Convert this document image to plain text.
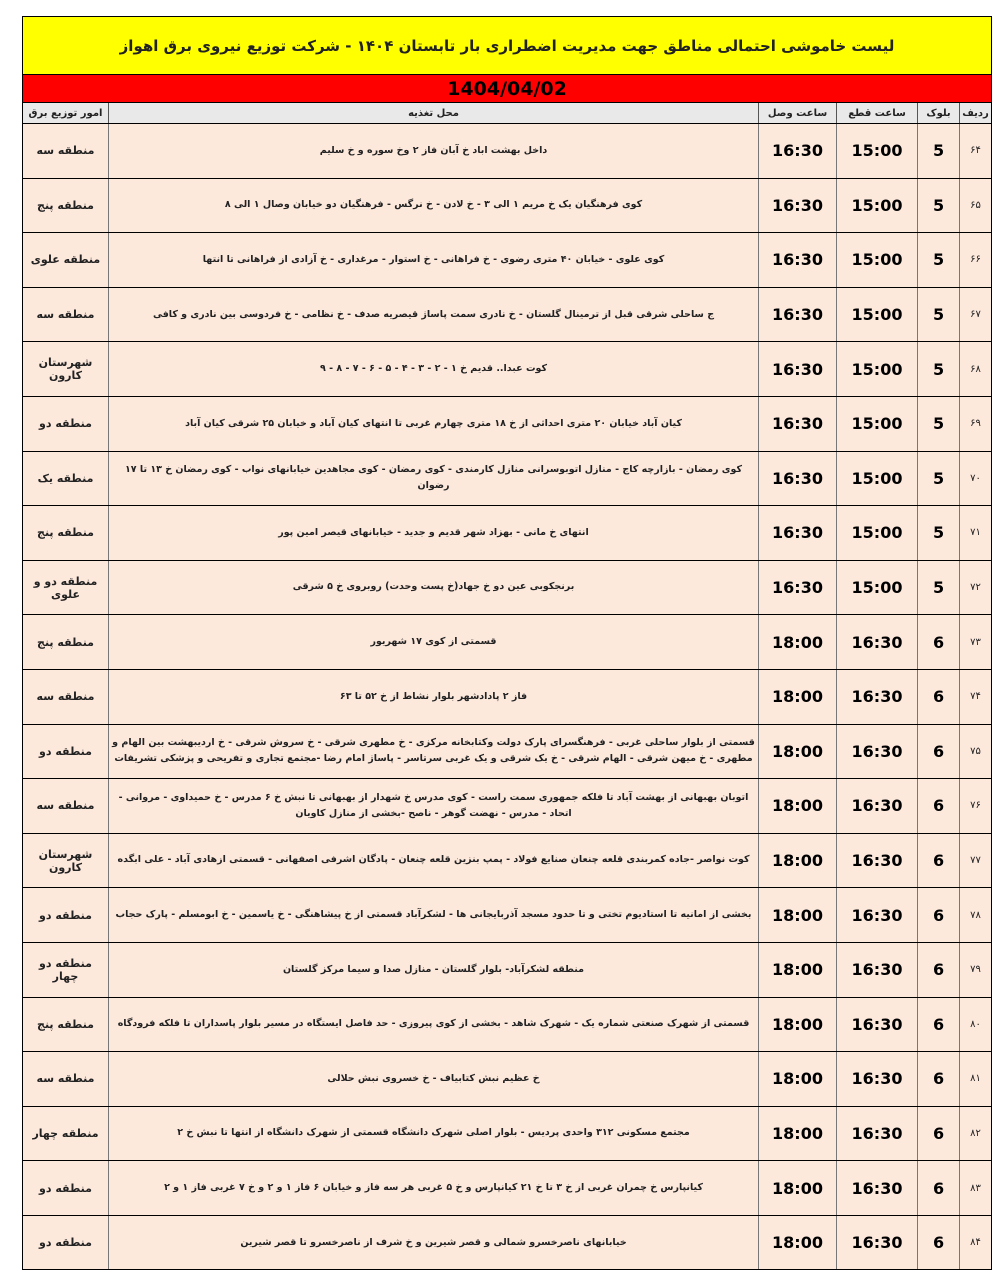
لیست خاموشی احتمالی مناطق جهت مدیریت اضطراری بار تابستان ۱۴۰۴ - شرکت توزیع نیروی برق اهواز
1404/04/02
ردیف
بلوک
ساعت قطع
ساعت وصل
محل تغذیه
امور توزیع برق
۶۴
5
15:00
16:30
داخل بهشت اباد خ آبان فاز ۲ وخ سوره و خ سلیم
منطقه سه
۶۵
5
15:00
16:30
کوی فرهنگیان یک خ مریم ۱ الی ۳ - خ لادن - خ نرگس - فرهنگیان دو خیابان وصال ۱ الی ۸
منطقه پنج
۶۶
5
15:00
16:30
کوی علوی - خیابان ۴۰ متری رضوی - خ فراهانی - خ استوار - مرغداری - خ آزادی از فراهانی تا انتها
منطقه علوی
۶۷
5
15:00
16:30
ج ساحلی شرقی قبل از ترمینال گلستان - خ نادری سمت پاساژ قیصریه صدف - خ نظامی - خ فردوسی بین نادری و کافی
منطقه سه
۶۸
5
15:00
16:30
کوت عبدا.. قدیم خ ۱ - ۲ - ۳ - ۴ - ۵ - ۶ - ۷ - ۸ - ۹
شهرستان کارون
۶۹
5
15:00
16:30
کیان آباد خیابان ۲۰ متری احداثی از خ ۱۸ متری چهارم غربی تا انتهای کیان آباد و خیابان ۲۵ شرقی کیان آباد
منطقه دو
۷۰
5
15:00
16:30
کوی رمضان - بازارچه کاج - منازل اتوبوسرانی منازل کارمندی - کوی رمضان - کوی مجاهدین خیابانهای نواب - کوی رمضان خ ۱۳ تا ۱۷ رضوان
منطقه یک
۷۱
5
15:00
16:30
انتهای خ مانی - بهزاد شهر قدیم و جدید - خیابانهای قیصر امین پور
منطقه پنج
۷۲
5
15:00
16:30
برنجکوبی عین دو خ جهاد(خ پست وحدت) روبروی خ ۵ شرقی
منطقه دو و علوی
۷۳
6
16:30
18:00
قسمتی از کوی ۱۷ شهریور
منطقه پنج
۷۴
6
16:30
18:00
فاز ۲ پادادشهر بلوار نشاط از خ ۵۲ تا ۶۳
منطقه سه
۷۵
6
16:30
18:00
قسمتی از بلوار ساحلی غربی - فرهنگسرای پارک دولت وکتابخانه مرکزی - خ مطهری شرقی - خ سروش شرقی - خ اردیبهشت بین الهام و مطهری - خ میهن شرقی - الهام شرقی - خ یک شرقی و یک غربی سرتاسر - پاساژ امام رضا -مجتمع تجاری و تفریحی و پزشکی تشریفات
منطقه دو
۷۶
6
16:30
18:00
اتوبان بهبهانی از بهشت آباد تا فلکه جمهوری سمت راست - کوی مدرس خ شهدار از بهبهانی تا نبش خ ۶ مدرس - خ حمیداوی - مروانی - اتحاد - مدرس - نهضت گوهر - ناصح -بخشی از منازل کاویان
منطقه سه
۷۷
6
16:30
18:00
کوت نواصر -جاده کمربندی قلعه چنعان صنایع فولاد - پمپ بنزین قلعه چنعان - پادگان اشرفی اصفهانی - قسمتی ازهادی آباد - علی ابگده
شهرستان کارون
۷۸
6
16:30
18:00
بخشی از امانیه تا استادیوم تختی و تا حدود مسجد آذربایجانی ها - لشکرآباد قسمتی از خ پیشاهنگی - خ یاسمین - خ ابومسلم - پارک حجاب
منطقه دو
۷۹
6
16:30
18:00
منطقه لشکرآباد- بلوار گلستان - منازل صدا و سیما مرکز گلستان
منطقه دو چهار
۸۰
6
16:30
18:00
قسمتی از شهرک صنعتی شماره یک - شهرک شاهد - بخشی از کوی پیروزی - حد فاصل ایستگاه در مسیر بلوار پاسداران تا فلکه فرودگاه
منطقه پنج
۸۱
6
16:30
18:00
خ عظیم نبش کتابیاف - خ خسروی نبش حلالی
منطقه سه
۸۲
6
16:30
18:00
مجتمع مسکونی ۳۱۲ واحدی پردیس - بلوار اصلی شهرک دانشگاه قسمتی از شهرک دانشگاه از انتها تا نبش خ ۲
منطقه چهار
۸۳
6
16:30
18:00
کیانپارس خ چمران غربی از خ ۳ تا خ ۲۱ کیانپارس و خ ۵ غربی هر سه فاز و خیابان ۶ فاز ۱ و ۲ و خ ۷ غربی فاز ۱ و ۲
منطقه دو
۸۴
6
16:30
18:00
خیابانهای ناصرخسرو شمالی و قصر شیرین و خ شرف از ناصرخسرو تا قصر شیرین
منطقه دو
